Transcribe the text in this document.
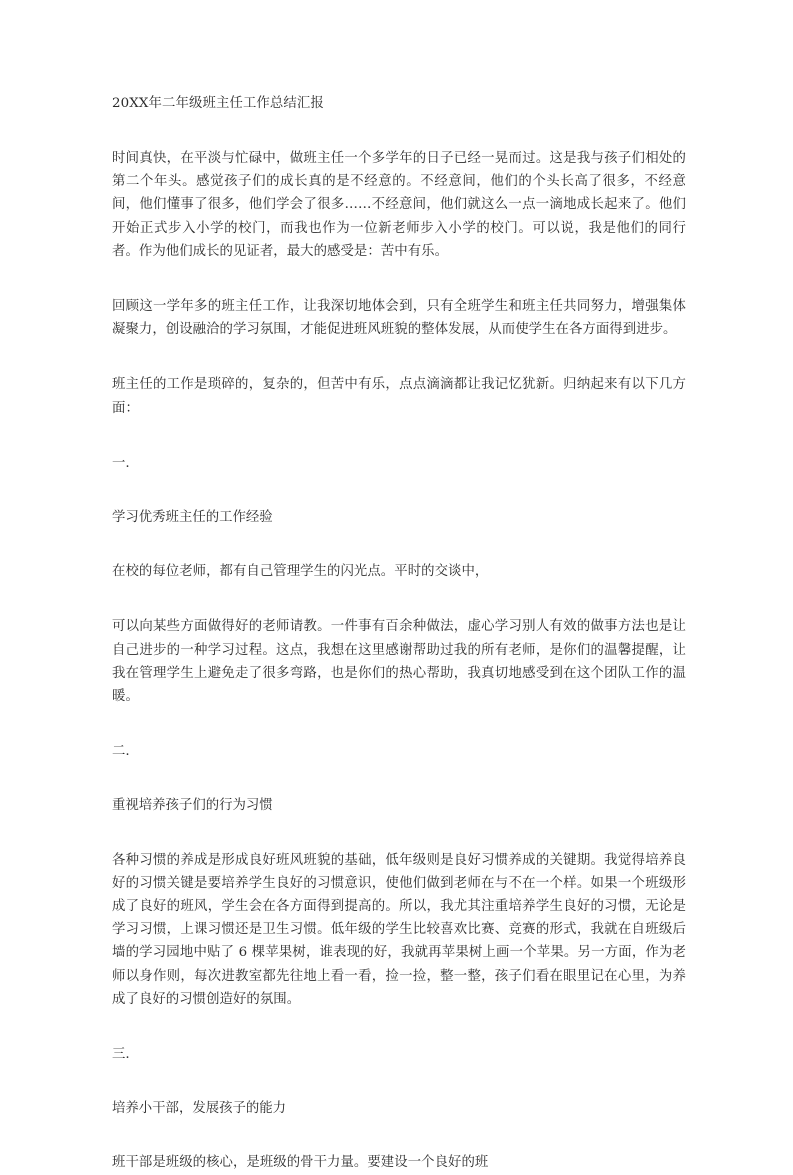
20XX年二年级班主任工作总结汇报

时间真快，在平淡与忙碌中，做班主任一个多学年的日子已经一晃而过。这是我与孩子们相处的第二个年头。感觉孩子们的成长真的是不经意的。不经意间，他们的个头长高了很多，不经意间，他们懂事了很多，他们学会了很多……不经意间，他们就这么一点一滴地成长起来了。他们开始正式步入小学的校门，而我也作为一位新老师步入小学的校门。可以说，我是他们的同行者。作为他们成长的见证者，最大的感受是：苦中有乐。

回顾这一学年多的班主任工作，让我深切地体会到，只有全班学生和班主任共同努力，增强集体凝聚力，创设融洽的学习氛围，才能促进班风班貌的整体发展，从而使学生在各方面得到进步。

班主任的工作是琐碎的，复杂的，但苦中有乐，点点滴滴都让我记忆犹新。归纳起来有以下几方面：

一.

学习优秀班主任的工作经验

在校的每位老师，都有自己管理学生的闪光点。平时的交谈中，

可以向某些方面做得好的老师请教。一件事有百余种做法，虚心学习别人有效的做事方法也是让自己进步的一种学习过程。这点，我想在这里感谢帮助过我的所有老师，是你们的温馨提醒，让我在管理学生上避免走了很多弯路，也是你们的热心帮助，我真切地感受到在这个团队工作的温暖。

二.

重视培养孩子们的行为习惯

各种习惯的养成是形成良好班风班貌的基础，低年级则是良好习惯养成的关键期。我觉得培养良好的习惯关键是要培养学生良好的习惯意识，使他们做到老师在与不在一个样。如果一个班级形成了良好的班风，学生会在各方面得到提高的。所以，我尤其注重培养学生良好的习惯，无论是学习习惯，上课习惯还是卫生习惯。低年级的学生比较喜欢比赛、竞赛的形式，我就在自班级后墙的学习园地中贴了 6 棵苹果树，谁表现的好，我就再苹果树上画一个苹果。另一方面，作为老师以身作则，每次进教室都先往地上看一看，捡一捡，整一整，孩子们看在眼里记在心里，为养成了良好的习惯创造好的氛围。

三.

培养小干部，发展孩子的能力

班干部是班级的核心，是班级的骨干力量。要建设一个良好的班
